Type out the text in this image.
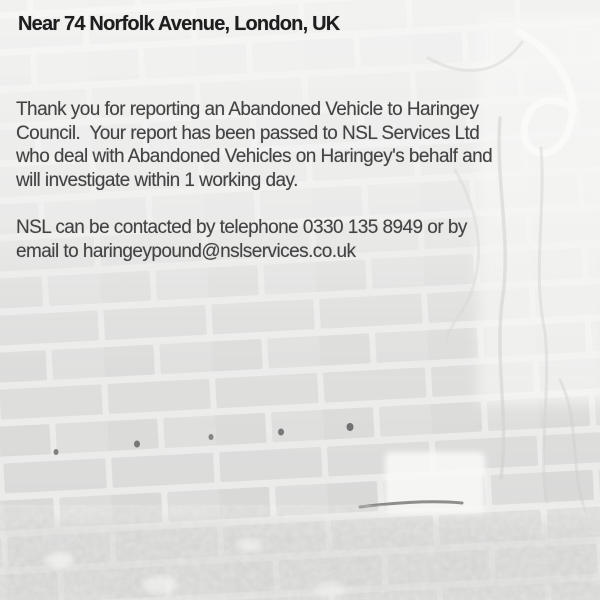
Near 74 Norfolk Avenue, London, UK
Thank you for reporting an Abandoned Vehicle to Haringey
Council.  Your report has been passed to NSL Services Ltd
who deal with Abandoned Vehicles on Haringey's behalf and
will investigate within 1 working day.
NSL can be contacted by telephone 0330 135 8949 or by
email to haringeypound@nslservices.co.uk
